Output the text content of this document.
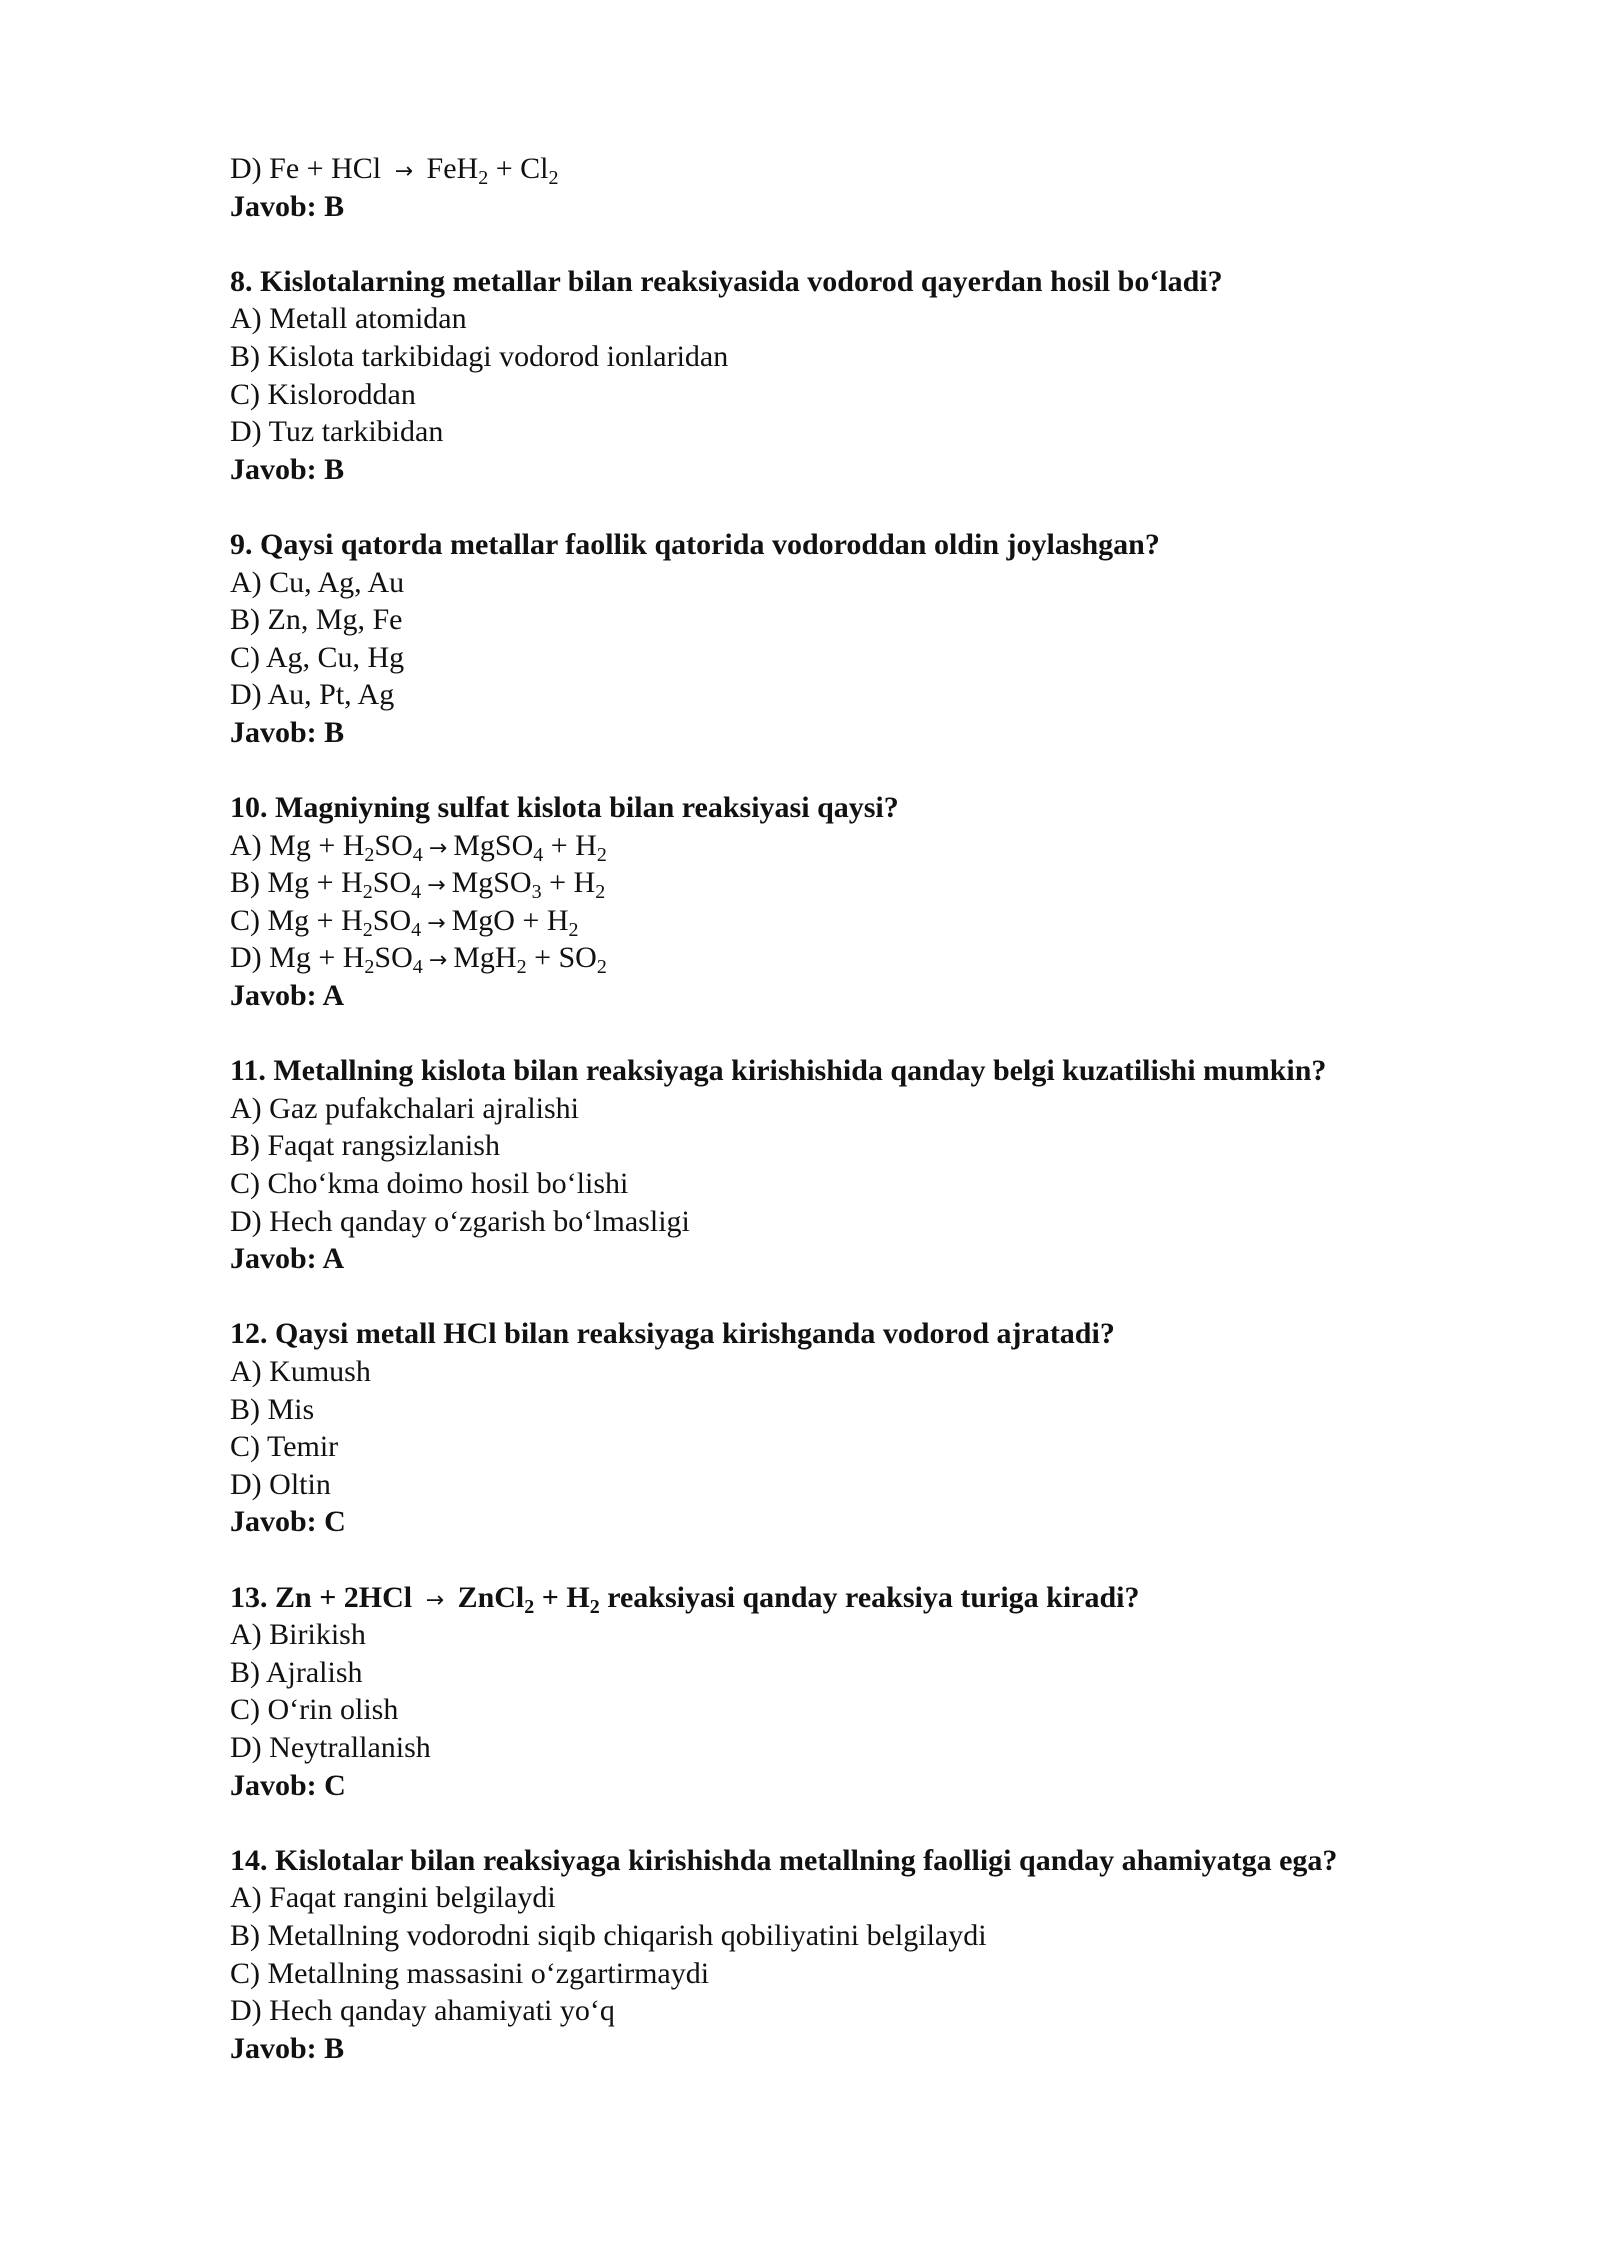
D) Fe + HCl → $FeH_2 + Cl_2$
Javob: B
8. Kislotalarning metallar bilan reaksiyasida vodorod qayerdan hosil bo‘ladi?
A) Metall atomidan
B) Kislota tarkibidagi vodorod ionlaridan
C) Kisloroddan
D) Tuz tarkibidan
Javob: B
9. Qaysi qatorda metallar faollik qatorida vodoroddan oldin joylashgan?
A) Cu, Ag, Au
B) Zn, Mg, Fe
C) Ag, Cu, Hg
D) Au, Pt, Ag
Javob: B
10. Magniyning sulfat kislota bilan reaksiyasi qaysi?
A) $Mg + H_2SO_4$ → MgSO$_4$ + $H_2$
B) $Mg + H_2SO_4$ → MgSO$_3$ + $H_2$
C) $Mg + H_2SO_4$ → MgO + $H_2$
D) $Mg + H_2SO_4 \to MgH_2 + SO_2$
Javob: A
11. Metallning kislota bilan reaksiyaga kirishishida qanday belgi kuzatilishi mumkin?
A) Gaz pufakchalari ajralishi
B) Faqat rangsizlanish
C) Cho‘kma doimo hosil bo‘lishi
D) Hech qanday o‘zgarish bo‘lmasligi
Javob: A
12. Qaysi metall HCl bilan reaksiyaga kirishganda vodorod ajratadi?
A) Kumush
B) Mis
C) Temir
D) Oltin
Javob: C
13. Zn + 2HCl → ZnCl$_2$ + $H_2$ reaksiyasi qanday reaksiya turiga kiradi?
A) Birikish
B) Ajralish
C) O‘rin olish
D) Neytrallanish
Javob: C
14. Kislotalar bilan reaksiyaga kirishishda metallning faolligi qanday ahamiyatga ega?
A) Faqat rangini belgilaydi
B) Metallning vodorodni siqib chiqarish qobiliyatini belgilaydi
C) Metallning massasini o‘zgartirmaydi
D) Hech qanday ahamiyati yo‘q
Javob: B
